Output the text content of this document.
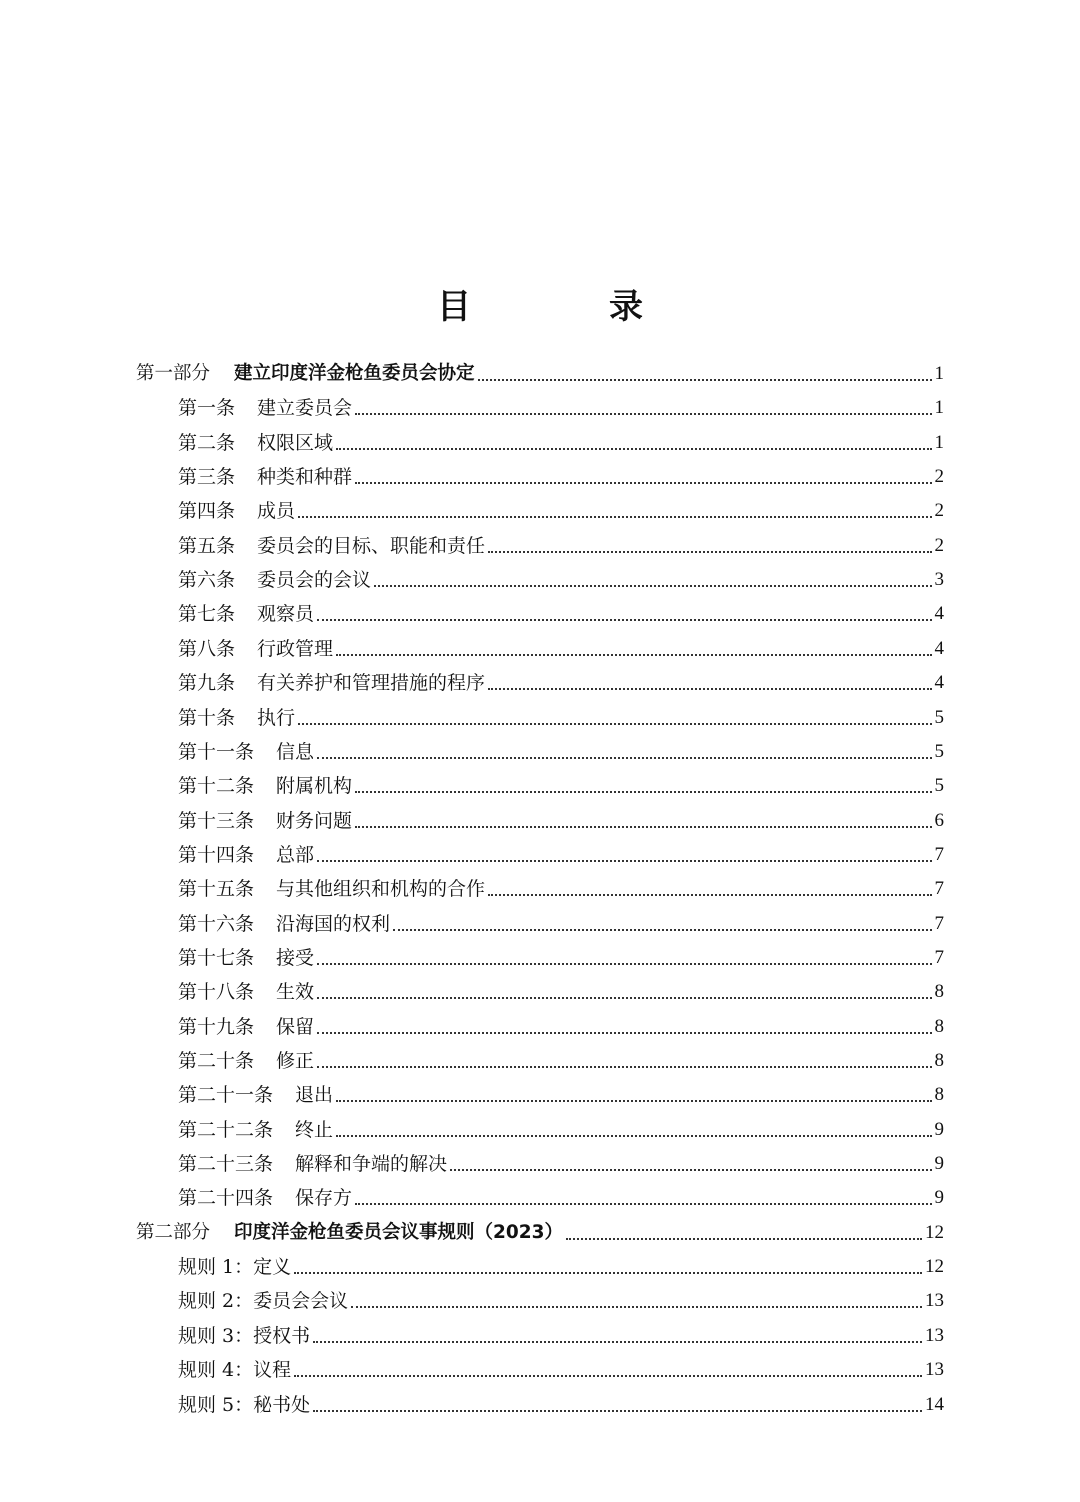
目　录
第一部分 建立印度洋金枪鱼委员会协定	1
第一条 建立委员会	1
第二条 权限区域	1
第三条 种类和种群	2
第四条 成员	2
第五条 委员会的目标、职能和责任	2
第六条 委员会的会议	3
第七条 观察员	4
第八条 行政管理	4
第九条 有关养护和管理措施的程序	4
第十条 执行	5
第十一条 信息	5
第十二条 附属机构	5
第十三条 财务问题	6
第十四条 总部	7
第十五条 与其他组织和机构的合作	7
第十六条 沿海国的权利	7
第十七条 接受	7
第十八条 生效	8
第十九条 保留	8
第二十条 修正	8
第二十一条 退出	8
第二十二条 终止	9
第二十三条 解释和争端的解决	9
第二十四条 保存方	9
第二部分 印度洋金枪鱼委员会议事规则（2023）	12
规则 1： 定义	12
规则 2： 委员会会议	13
规则 3： 授权书	13
规则 4： 议程	13
规则 5： 秘书处	14
